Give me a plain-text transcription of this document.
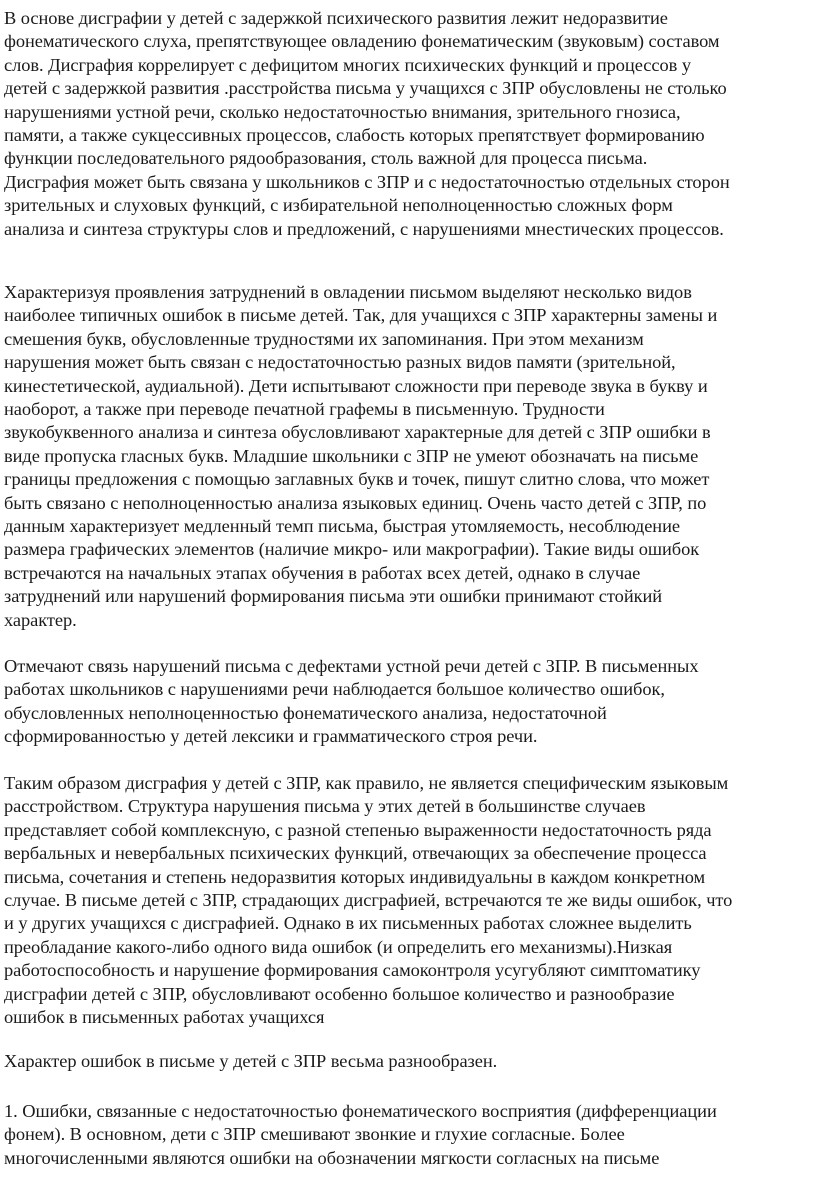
В основе дисграфии у детей с задержкой психического развития лежит недоразвитие
фонематического слуха, препятствующее овладению фонематическим (звуковым) составом
слов. Дисграфия коррелирует с дефицитом многих психических функций и процессов у
детей с задержкой развития .расстройства письма у учащихся с ЗПР обусловлены не столько
нарушениями устной речи, сколько недостаточностью внимания, зрительного гнозиса,
памяти, а также сукцессивных процессов, слабость которых препятствует формированию
функции последовательного рядообразования, столь важной для процесса письма.
Дисграфия может быть связана у школьников с ЗПР и с недостаточностью отдельных сторон
зрительных и слуховых функций, с избирательной неполноценностью сложных форм
анализа и синтеза структуры слов и предложений, с нарушениями мнестических процессов.

Характеризуя проявления затруднений в овладении письмом выделяют несколько видов
наиболее типичных ошибок в письме детей. Так, для учащихся с ЗПР характерны замены и
смешения букв, обусловленные трудностями их запоминания. При этом механизм
нарушения может быть связан с недостаточностью разных видов памяти (зрительной,
кинестетической, аудиальной). Дети испытывают сложности при переводе звука в букву и
наоборот, а также при переводе печатной графемы в письменную. Трудности
звукобуквенного анализа и синтеза обусловливают характерные для детей с ЗПР ошибки в
виде пропуска гласных букв. Младшие школьники с ЗПР не умеют обозначать на письме
границы предложения с помощью заглавных букв и точек, пишут слитно слова, что может
быть связано с неполноценностью анализа языковых единиц. Очень часто детей с ЗПР, по
данным характеризует медленный темп письма, быстрая утомляемость, несоблюдение
размера графических элементов (наличие микро- или макрографии). Такие виды ошибок
встречаются на начальных этапах обучения в работах всех детей, однако в случае
затруднений или нарушений формирования письма эти ошибки принимают стойкий
характер.

Отмечают связь нарушений письма с дефектами устной речи детей с ЗПР. В письменных
работах школьников с нарушениями речи наблюдается большое количество ошибок,
обусловленных неполноценностью фонематического анализа, недостаточной
сформированностью у детей лексики и грамматического строя речи.

Таким образом дисграфия у детей с ЗПР, как правило, не является специфическим языковым
расстройством. Структура нарушения письма у этих детей в большинстве случаев
представляет собой комплексную, с разной степенью выраженности недостаточность ряда
вербальных и невербальных психических функций, отвечающих за обеспечение процесса
письма, сочетания и степень недоразвития которых индивидуальны в каждом конкретном
случае. В письме детей с ЗПР, страдающих дисграфией, встречаются те же виды ошибок, что
и у других учащихся с дисграфией. Однако в их письменных работах сложнее выделить
преобладание какого-либо одного вида ошибок (и определить его механизмы).Низкая
работоспособность и нарушение формирования самоконтроля усугубляют симптоматику
дисграфии детей с ЗПР, обусловливают особенно большое количество и разнообразие
ошибок в письменных работах учащихся

Характер ошибок в письме у детей с ЗПР весьма разнообразен.

1. Ошибки, связанные с недостаточностью фонематического восприятия (дифференциации
фонем). В основном, дети с ЗПР смешивают звонкие и глухие согласные. Более
многочисленными являются ошибки на обозначении мягкости согласных на письме
